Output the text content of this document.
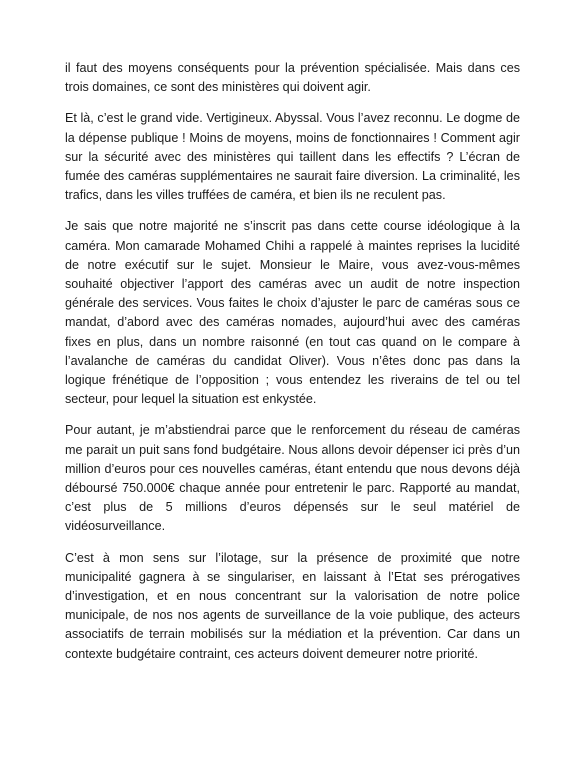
il faut des moyens conséquents pour la prévention spécialisée. Mais dans ces trois domaines, ce sont des ministères qui doivent agir.

Et là, c’est le grand vide. Vertigineux. Abyssal. Vous l’avez reconnu. Le dogme de la dépense publique ! Moins de moyens, moins de fonctionnaires ! Comment agir sur la sécurité avec des ministères qui taillent dans les effectifs ? L’écran de fumée des caméras supplémentaires ne saurait faire diversion. La criminalité, les trafics, dans les villes truffées de caméra, et bien ils ne reculent pas.

Je sais que notre majorité ne s’inscrit pas dans cette course idéologique à la caméra. Mon camarade Mohamed Chihi a rappelé à maintes reprises la lucidité de notre exécutif sur le sujet. Monsieur le Maire, vous avez-vous-mêmes souhaité objectiver l’apport des caméras avec un audit de notre inspection générale des services. Vous faites le choix d’ajuster le parc de caméras sous ce mandat, d’abord avec des caméras nomades, aujourd’hui avec des caméras fixes en plus, dans un nombre raisonné (en tout cas quand on le compare à l’avalanche de caméras du candidat Oliver). Vous n’êtes donc pas dans la logique frénétique de l’opposition ; vous entendez les riverains de tel ou tel secteur, pour lequel la situation est enkystée.

Pour autant, je m’abstiendrai parce que le renforcement du réseau de caméras me parait un puit sans fond budgétaire. Nous allons devoir dépenser ici près d’un million d’euros pour ces nouvelles caméras, étant entendu que nous devons déjà déboursé 750.000€ chaque année pour entretenir le parc. Rapporté au mandat, c’est plus de 5 millions d’euros dépensés sur le seul matériel de vidéosurveillance.

C’est à mon sens sur l’ilotage, sur la présence de proximité que notre municipalité gagnera à se singulariser, en laissant à l’Etat ses prérogatives d’investigation, et en nous concentrant sur la valorisation de notre police municipale, de nos nos agents de surveillance de la voie publique, des acteurs associatifs de terrain mobilisés sur la médiation et la prévention. Car dans un contexte budgétaire contraint, ces acteurs doivent demeurer notre priorité.
